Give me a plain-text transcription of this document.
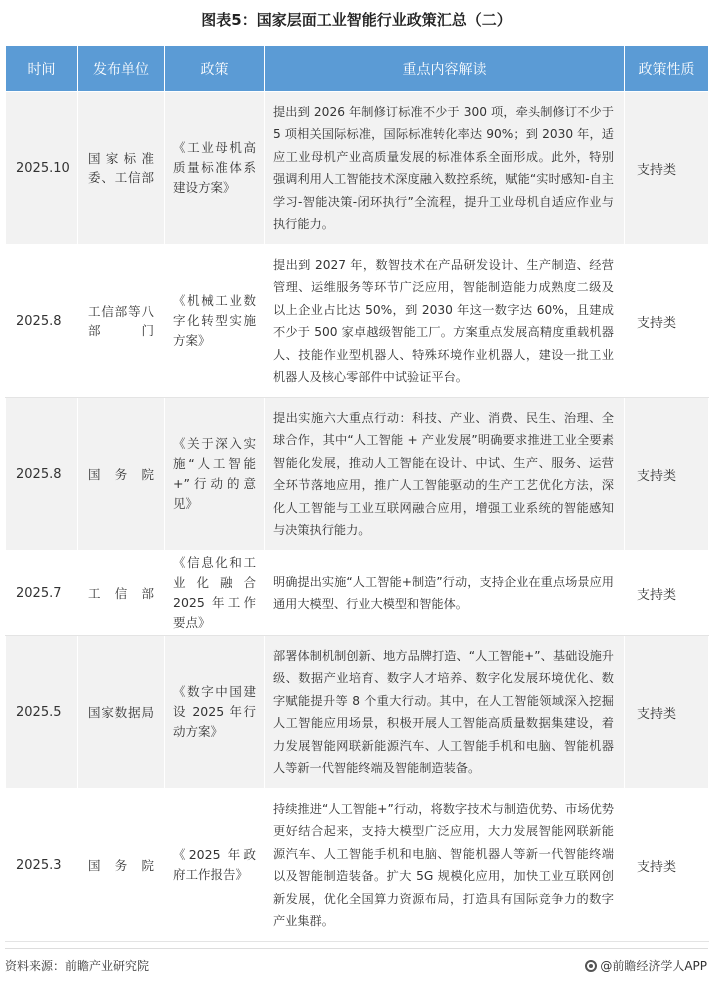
图表5：国家层面工业智能行业政策汇总（二）
时间	发布单位	政策	重点内容解读	政策性质
2025.10	国家标准委、工信部	《工业母机高质量标准体系建设方案》	提出到 2026 年制修订标准不少于 300 项，牵头制修订不少于 5 项相关国际标准，国际标准转化率达 90%；到 2030 年，适应工业母机产业高质量发展的标准体系全面形成。此外，特别强调利用人工智能技术深度融入数控系统，赋能“实时感知-自主学习-智能决策-闭环执行”全流程，提升工业母机自适应作业与执行能力。	支持类
2025.8	工信部等八部门	《机械工业数字化转型实施方案》	提出到 2027 年，数智技术在产品研发设计、生产制造、经营管理、运维服务等环节广泛应用，智能制造能力成熟度二级及以上企业占比达 50%，到 2030 年这一数字达 60%，且建成不少于 500 家卓越级智能工厂。方案重点发展高精度重载机器人、技能作业型机器人、特殊环境作业机器人，建设一批工业机器人及核心零部件中试验证平台。	支持类
2025.8	国务院	《关于深入实施“人工智能+”行动的意见》	提出实施六大重点行动：科技、产业、消费、民生、治理、全球合作，其中“人工智能 + 产业发展”明确要求推进工业全要素智能化发展，推动人工智能在设计、中试、生产、服务、运营全环节落地应用，推广人工智能驱动的生产工艺优化方法，深化人工智能与工业互联网融合应用，增强工业系统的智能感知与决策执行能力。	支持类
2025.7	工信部	《信息化和工业化融合 2025 年工作要点》	明确提出实施“人工智能+制造”行动，支持企业在重点场景应用通用大模型、行业大模型和智能体。	支持类
2025.5	国家数据局	《数字中国建设 2025 年行动方案》	部署体制机制创新、地方品牌打造、“人工智能+”、基础设施升级、数据产业培育、数字人才培养、数字化发展环境优化、数字赋能提升等 8 个重大行动。其中，在人工智能领域深入挖掘人工智能应用场景，积极开展人工智能高质量数据集建设，着力发展智能网联新能源汽车、人工智能手机和电脑、智能机器人等新一代智能终端及智能制造装备。	支持类
2025.3	国务院	《2025 年政府工作报告》	持续推进“人工智能+”行动，将数字技术与制造优势、市场优势更好结合起来，支持大模型广泛应用，大力发展智能网联新能源汽车、人工智能手机和电脑、智能机器人等新一代智能终端以及智能制造装备。扩大 5G 规模化应用，加快工业互联网创新发展，优化全国算力资源布局，打造具有国际竞争力的数字产业集群。	支持类
资料来源：前瞻产业研究院	@前瞻经济学人APP
